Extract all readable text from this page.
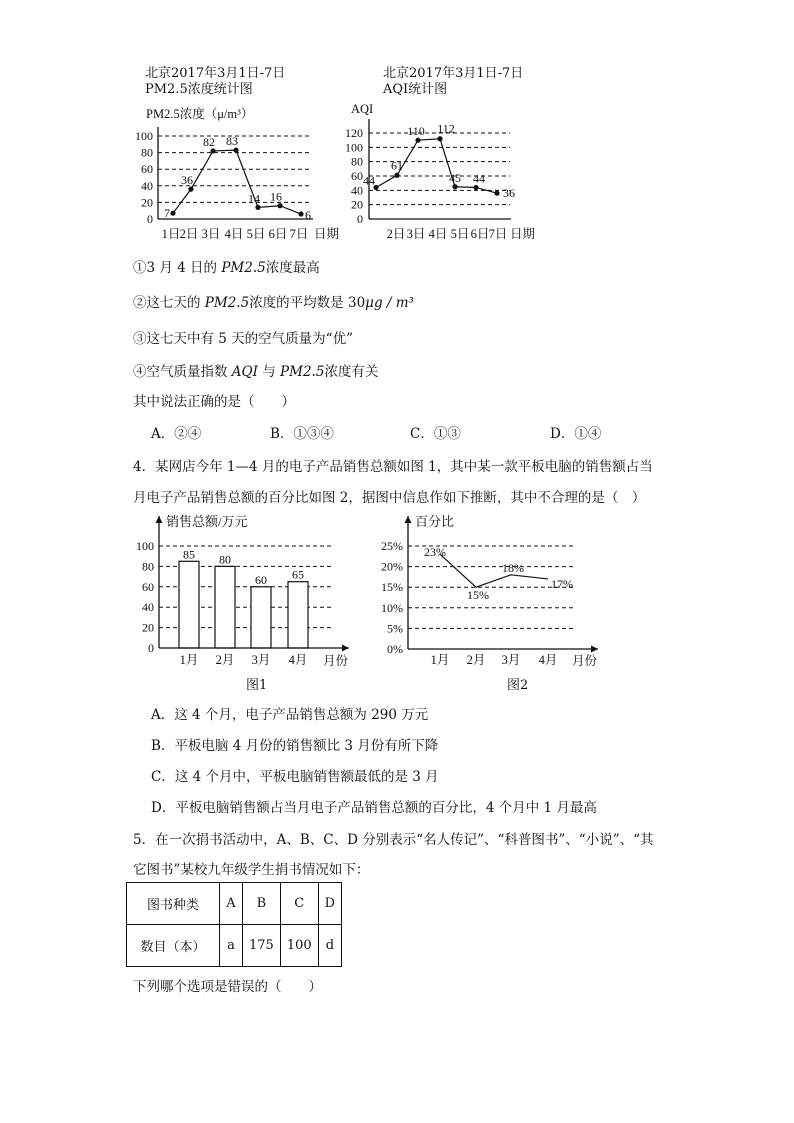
北京2017年3月1日-7日
PM2.5浓度统计图
北京2017年3月1日-7日
AQI统计图
0
20
40
60
80
100
PM2.5浓度（μ/m³）
7
36
82 83
14 16
6
1日 2日 3日 4日 5日 6日 7日 日期
0
20
40
60
80
100
120
AQI
44
61
110 112
45 44
36
2日 3日 4日 5日 6日 7日 日期
①3 月 4 日的 PM2.5浓度最高
②这七天的 PM2.5浓度的平均数是 30μg / m³
③这七天中有 5 天的空气质量为“优”
④空气质量指数 AQI 与 PM2.5浓度有关
其中说法正确的是（　　）
A．②④	B．①③④	C．①③	D．①④
4．某网店今年 1—4 月的电子产品销售总额如图 1，其中某一款平板电脑的销售额占当
月电子产品销售总额的百分比如图 2，据图中信息作如下推断，其中不合理的是（　）
0
20
40
60
80
100
85 80
60 65
销售总额/万元
1月 2月 3月 4月 月份
0%
5%
10%
15%
20%
25%
百分比
23%
15%
18%
17%
1月 2月 3月 4月 月份
图1	图2
A．这 4 个月，电子产品销售总额为 290 万元
B．平板电脑 4 月份的销售额比 3 月份有所下降
C．这 4 个月中，平板电脑销售额最低的是 3 月
D．平板电脑销售额占当月电子产品销售总额的百分比，4 个月中 1 月最高
5．在一次捐书活动中，A、B、C、D 分别表示“名人传记”、“科普图书”、“小说”、“其
它图书”某校九年级学生捐书情况如下：
图书种类	A	B	C	D
数目（本）	a	175	100	d
下列哪个选项是错误的（　　）
